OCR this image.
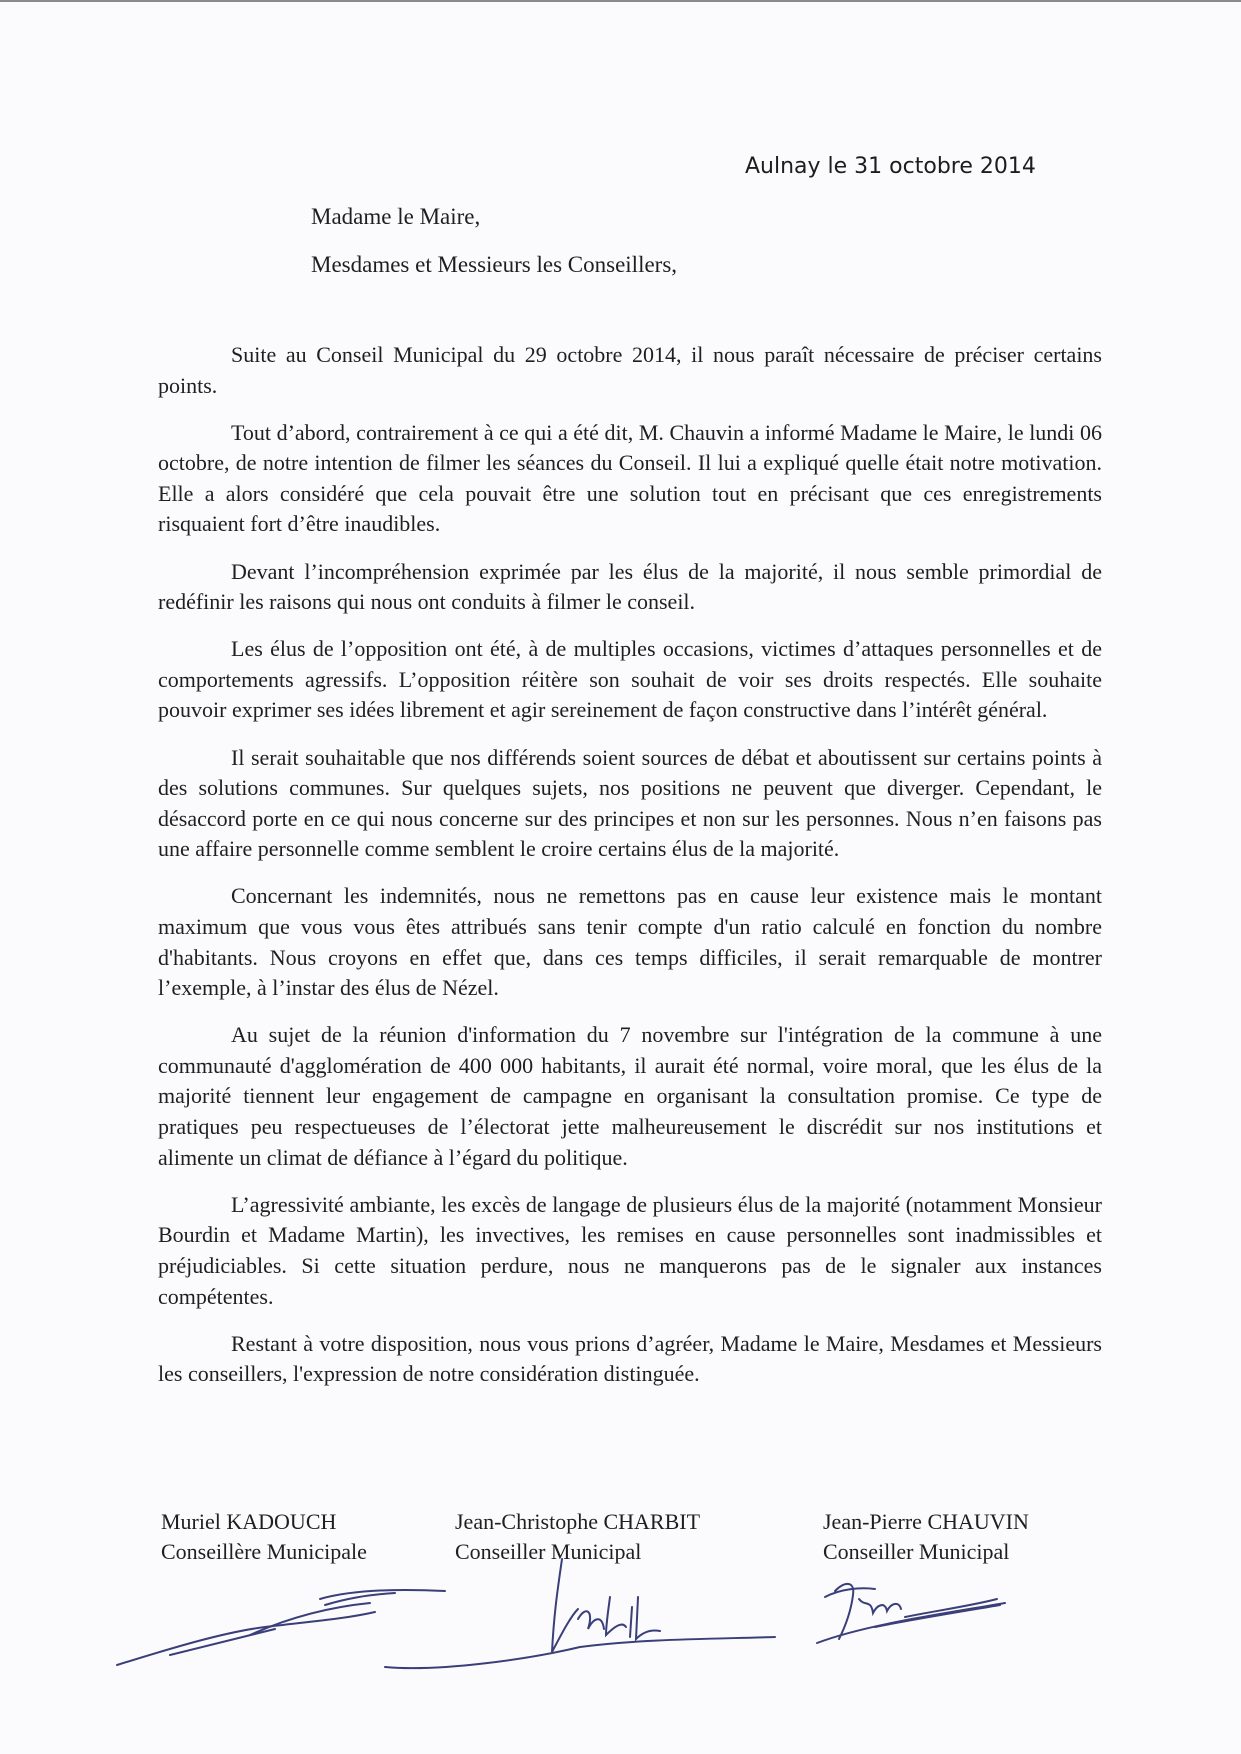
Aulnay le 31 octobre 2014
Madame le Maire,
Mesdames et Messieurs les Conseillers,

Suite au Conseil Municipal du 29 octobre 2014, il nous paraît nécessaire de préciser certains points.

Tout d’abord, contrairement à ce qui a été dit, M. Chauvin a informé Madame le Maire, le lundi 06 octobre, de notre intention de filmer les séances du Conseil. Il lui a expliqué quelle était notre motivation. Elle a alors considéré que cela pouvait être une solution tout en précisant que ces enregistrements risquaient fort d’être inaudibles.

Devant l’incompréhension exprimée par les élus de la majorité, il nous semble primordial de redéfinir les raisons qui nous ont conduits à filmer le conseil.

Les élus de l’opposition ont été, à de multiples occasions, victimes d’attaques personnelles et de comportements agressifs. L’opposition réitère son souhait de voir ses droits respectés. Elle souhaite pouvoir exprimer ses idées librement et agir sereinement de façon constructive dans l’intérêt général.

Il serait souhaitable que nos différends soient sources de débat et aboutissent sur certains points à des solutions communes. Sur quelques sujets, nos positions ne peuvent que diverger. Cependant, le désaccord porte en ce qui nous concerne sur des principes et non sur les personnes. Nous n’en faisons pas une affaire personnelle comme semblent le croire certains élus de la majorité.

Concernant les indemnités, nous ne remettons pas en cause leur existence mais le montant maximum que vous vous êtes attribués sans tenir compte d'un ratio calculé en fonction du nombre d'habitants. Nous croyons en effet que, dans ces temps difficiles, il serait remarquable de montrer l’exemple, à l’instar des élus de Nézel.

Au sujet de la réunion d'information du 7 novembre sur l'intégration de la commune à une communauté d'agglomération de 400 000 habitants, il aurait été normal, voire moral, que les élus de la majorité tiennent leur engagement de campagne en organisant la consultation promise. Ce type de pratiques peu respectueuses de l’électorat jette malheureusement le discrédit sur nos institutions et alimente un climat de défiance à l’égard du politique.

L’agressivité ambiante, les excès de langage de plusieurs élus de la majorité (notamment Monsieur Bourdin et Madame Martin), les invectives, les remises en cause personnelles sont inadmissibles et préjudiciables. Si cette situation perdure, nous ne manquerons pas de le signaler aux instances compétentes.

Restant à votre disposition, nous vous prions d’agréer, Madame le Maire, Mesdames et Messieurs les conseillers, l'expression de notre considération distinguée.

Muriel KADOUCH
Conseillère Municipale
Jean-Christophe CHARBIT
Conseiller Municipal
Jean-Pierre CHAUVIN
Conseiller Municipal
